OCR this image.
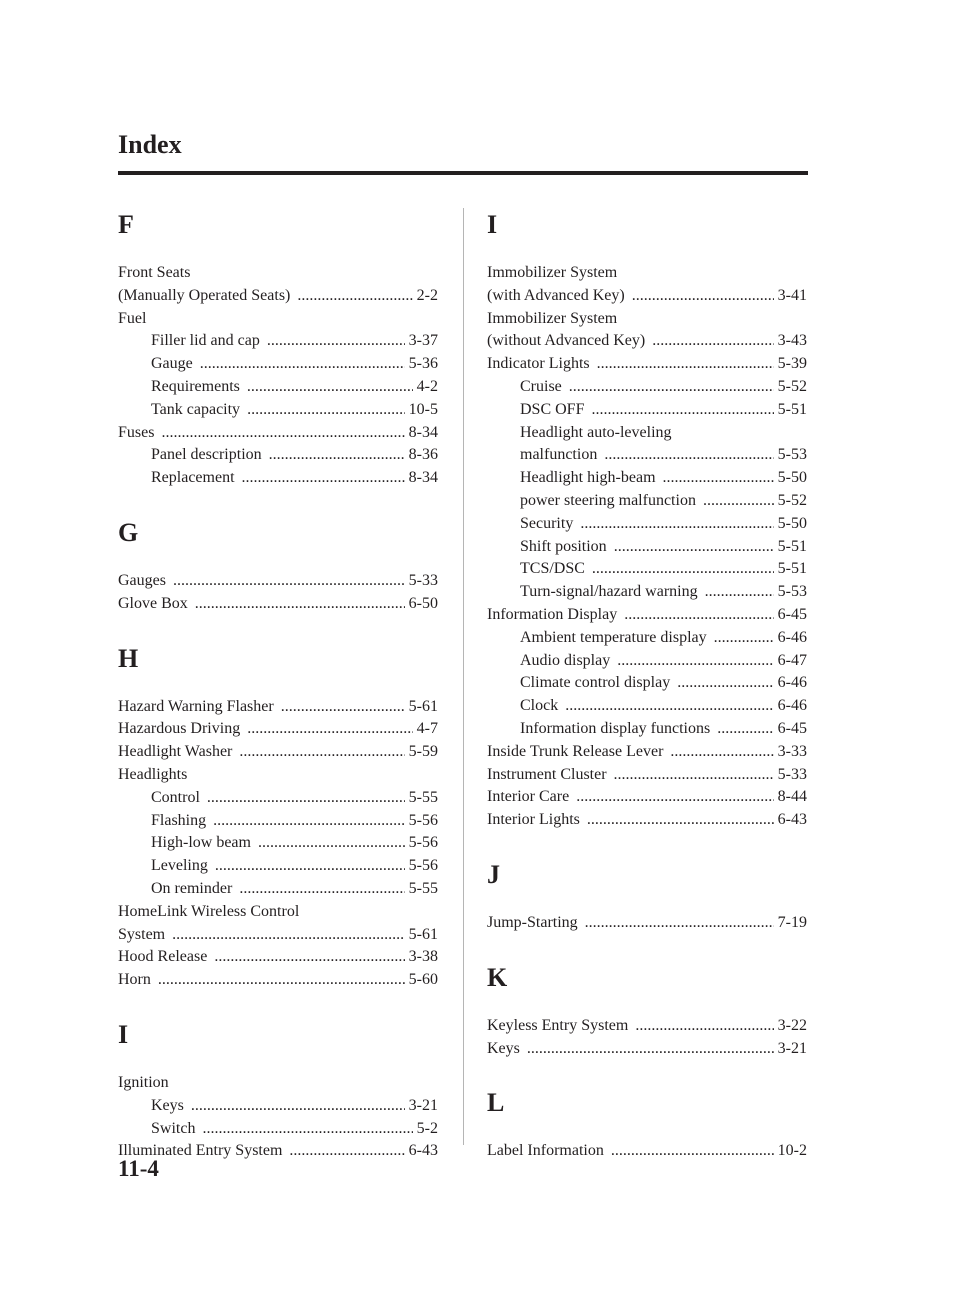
Index
F
Front Seats
2-2
(Manually Operated Seats) .....
Fuel
3-37
Filler lid and cap .....
5-36
Gauge .....
4-2
Requirements .....
10-5
Tank capacity .....
8-34
Fuses .....
8-36
Panel description .....
8-34
Replacement .....
G
5-33
Gauges .....
6-50
Glove Box .....
H
5-61
Hazard Warning Flasher .....
4-7
Hazardous Driving .....
5-59
Headlight Washer .....
Headlights
5-55
Control .....
5-56
Flashing .....
5-56
High-low beam .....
5-56
Leveling .....
5-55
On reminder .....
HomeLink Wireless Control
5-61
System .....
3-38
Hood Release .....
5-60
Horn .....
I
Ignition
3-21
Keys .....
5-2
Switch .....
6-43
Illuminated Entry System .....
I
Immobilizer System
3-41
(with Advanced Key) .....
Immobilizer System
3-43
(without Advanced Key) .....
5-39
Indicator Lights .....
5-52
Cruise .....
5-51
DSC OFF .....
Headlight auto-leveling
5-53
malfunction .....
5-50
Headlight high-beam .....
5-52
power steering malfunction .....
5-50
Security .....
5-51
Shift position .....
5-51
TCS/DSC .....
5-53
Turn-signal/hazard warning .....
6-45
Information Display .....
6-46
Ambient temperature display .....
6-47
Audio display .....
6-46
Climate control display .....
6-46
Clock .....
6-45
Information display functions .....
3-33
Inside Trunk Release Lever .....
5-33
Instrument Cluster .....
8-44
Interior Care .....
6-43
Interior Lights .....
J
7-19
Jump-Starting .....
K
3-22
Keyless Entry System .....
3-21
Keys .....
L
10-2
Label Information .....
11-4
